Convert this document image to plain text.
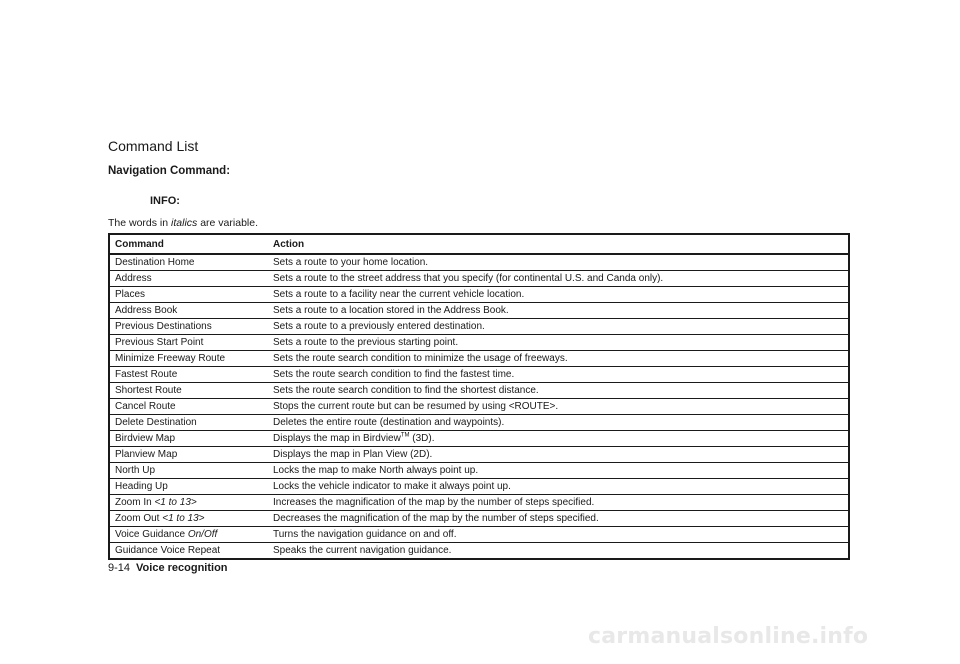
Command List
Navigation Command:
INFO:
The words in italics are variable.
Command	Action
Destination Home	Sets a route to your home location.
Address	Sets a route to the street address that you specify (for continental U.S. and Canda only).
Places	Sets a route to a facility near the current vehicle location.
Address Book	Sets a route to a location stored in the Address Book.
Previous Destinations	Sets a route to a previously entered destination.
Previous Start Point	Sets a route to the previous starting point.
Minimize Freeway Route	Sets the route search condition to minimize the usage of freeways.
Fastest Route	Sets the route search condition to find the fastest time.
Shortest Route	Sets the route search condition to find the shortest distance.
Cancel Route	Stops the current route but can be resumed by using <ROUTE>.
Delete Destination	Deletes the entire route (destination and waypoints).
Birdview Map	Displays the map in Birdview™ (3D).
Planview Map	Displays the map in Plan View (2D).
North Up	Locks the map to make North always point up.
Heading Up	Locks the vehicle indicator to make it always point up.
Zoom In <1 to 13>	Increases the magnification of the map by the number of steps specified.
Zoom Out <1 to 13>	Decreases the magnification of the map by the number of steps specified.
Voice Guidance On/Off	Turns the navigation guidance on and off.
Guidance Voice Repeat	Speaks the current navigation guidance.
9-14 Voice recognition
carmanualsonline.info
